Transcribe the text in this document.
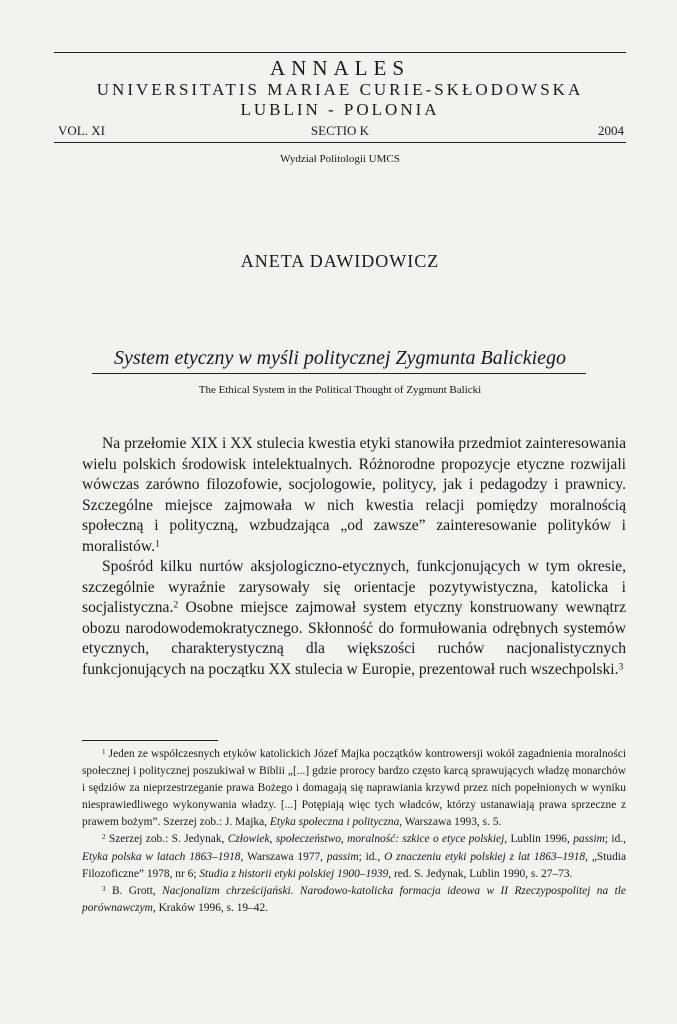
ANNALES
UNIVERSITATIS MARIAE CURIE-SKŁODOWSKA
LUBLIN - POLONIA
SECTIO K
VOL. XI	2004
Wydział Politologii UMCS
ANETA DAWIDOWICZ
System etyczny w myśli politycznej Zygmunta Balickiego
The Ethical System in the Political Thought of Zygmunt Balicki

Na przełomie XIX i XX stulecia kwestia etyki stanowiła przedmiot zainteresowania wielu polskich środowisk intelektualnych. Różnorodne propozycje etyczne rozwijali wówczas zarówno filozofowie, socjologowie, politycy, jak i pedagodzy i prawnicy. Szczególne miejsce zajmowała w nich kwestia relacji pomiędzy moralnością społeczną i polityczną, wzbudzająca „od zawsze” zainteresowanie polityków i moralistów.$^1$

Spośród kilku nurtów aksjologiczno-etycznych, funkcjonujących w tym okresie, szczególnie wyraźnie zarysowały się orientacje pozytywistyczna, katolicka i socjalistyczna.$^2$ Osobne miejsce zajmował system etyczny konstruowany wewnątrz obozu narodowodemokratycznego. Skłonność do formułowania odrębnych systemów etycznych, charakterystyczną dla większości ruchów nacjonalistycznych funkcjonujących na początku XX stulecia w Europie, prezentował ruch wszechpolski.$^3$

$^1$ Jeden ze współczesnych etyków katolickich Józef Majka początków kontrowersji wokół zagadnienia moralności społecznej i politycznej poszukiwał w Biblii „[...] gdzie prorocy bardzo często karcą sprawujących władzę monarchów i sędziów za nieprzestrzeganie prawa Bożego i domagają się naprawiania krzywd przez nich popełnionych w wyniku niesprawiedliwego wykonywania władzy. [...] Potępiają więc tych władców, którzy ustanawiają prawa sprzeczne z prawem bożym”. Szerzej zob.: J. Majka, Etyka społeczna i polityczna, Warszawa 1993, s. 5.

$^2$ Szerzej zob.: S. Jedynak, Człowiek, społeczeństwo, moralność: szkice o etyce polskiej, Lublin 1996, passim; id., Etyka polska w latach 1863–1918, Warszawa 1977, passim; id., O znaczeniu etyki polskiej z lat 1863–1918, „Studia Filozoficzne” 1978, nr 6; Studia z historii etyki polskiej 1900–1939, red. S. Jedynak, Lublin 1990, s. 27–73.

$^3$ B. Grott, Nacjonalizm chrześcijański. Narodowo-katolicka formacja ideowa w II Rzeczypospolitej na tle porównawczym, Kraków 1996, s. 19–42.
